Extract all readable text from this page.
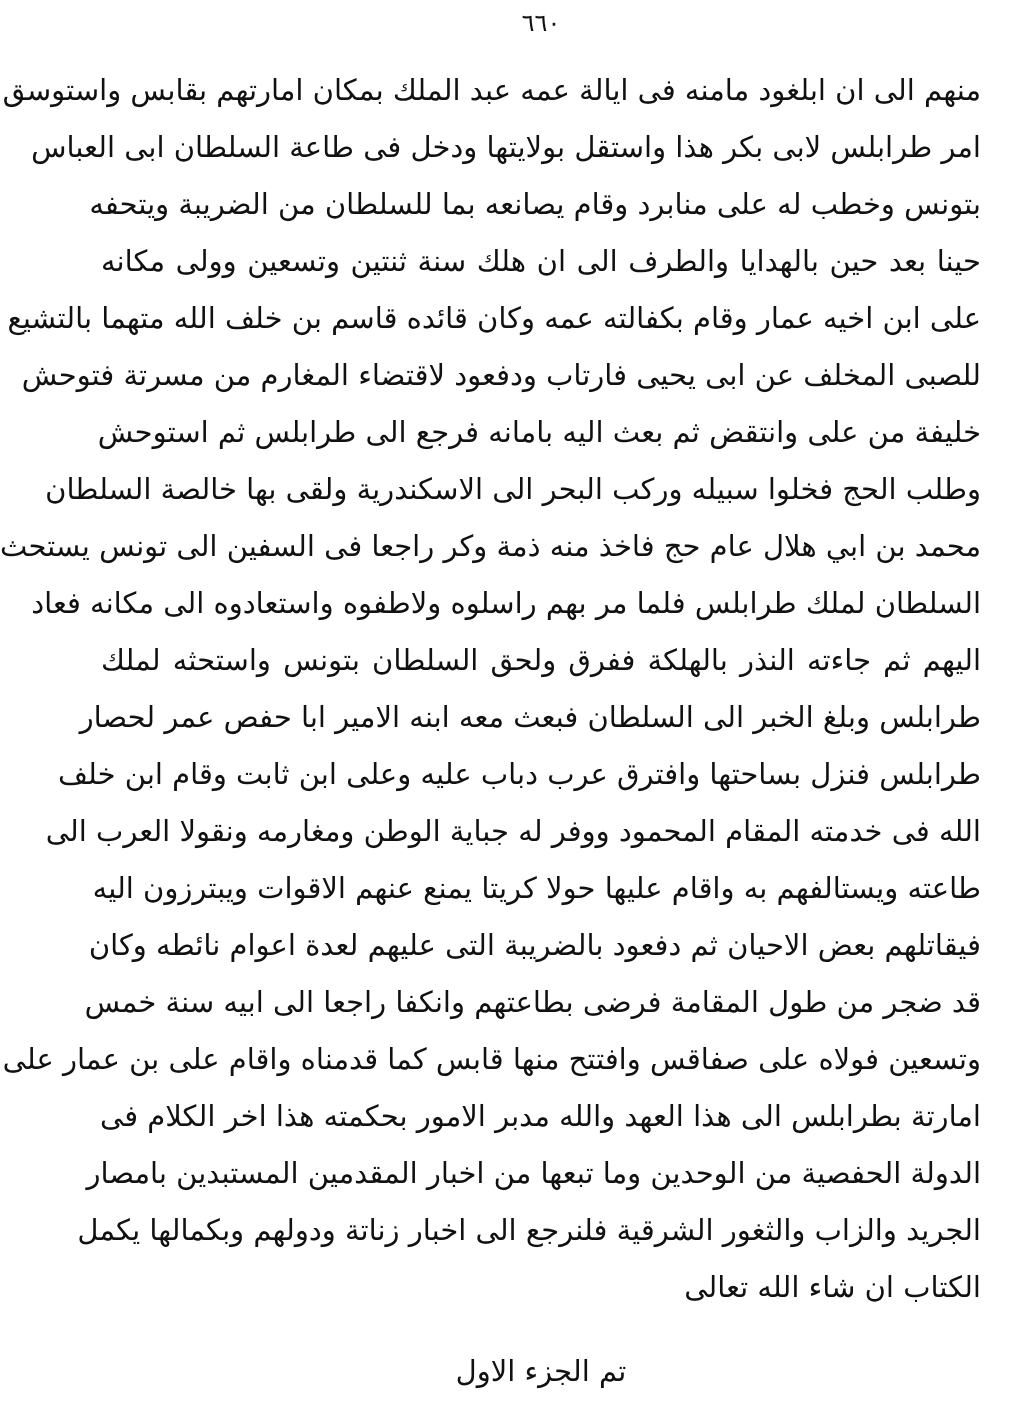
٦٦٠
منهم الى ان ابلغود مامنه فى ايالة عمه عبد الملك بمكان امارتهم بقابس واستوسق
امر طرابلس لابى بكر هذا واستقل بولايتها ودخل فى طاعة السلطان ابى العباس
بتونس وخطب له على منابرد وقام يصانعه بما للسلطان من الضريبة ويتحفه
حينا بعد حين بالهدايا والطرف الى ان هلك سنة ثنتين وتسعين وولى مكانه
على ابن اخيه عمار وقام بكفالته عمه وكان قائده قاسم بن خلف الله متهما بالتشيع
للصبى المخلف عن ابى يحيى فارتاب ودفعود لاقتضاء المغارم من مسرتة فتوحش
خليفة من على وانتقض ثم بعث اليه بامانه فرجع الى طرابلس ثم استوحش
وطلب الحج فخلوا سبيله وركب البحر الى الاسكندرية ولقى بها خالصة السلطان
محمد بن ابي هلال عام حج فاخذ منه ذمة وكر راجعا فى السفين الى تونس يستحث
السلطان لملك طرابلس فلما مر بهم راسلوه ولاطفوه واستعادوه الى مكانه فعاد
اليهم ثم جاءته النذر بالهلكة ففرق ولحق السلطان بتونس واستحثه لملك
طرابلس وبلغ الخبر الى السلطان فبعث معه ابنه الامير ابا حفص عمر لحصار
طرابلس فنزل بساحتها وافترق عرب دباب عليه وعلى ابن ثابت وقام ابن خلف
الله فى خدمته المقام المحمود ووفر له جباية الوطن ومغارمه ونقولا العرب الى
طاعته ويستالفهم به واقام عليها حولا كريتا يمنع عنهم الاقوات ويبترزون اليه
فيقاتلهم بعض الاحيان ثم دفعود بالضريبة التى عليهم لعدة اعوام نائطه وكان
قد ضجر من طول المقامة فرضى بطاعتهم وانكفا راجعا الى ابيه سنة خمس
وتسعين فولاه على صفاقس وافتتح منها قابس كما قدمناه واقام على بن عمار على
امارتة بطرابلس الى هذا العهد والله مدبر الامور بحكمته هذا اخر الكلام فى
الدولة الحفصية من الوحدين وما تبعها من اخبار المقدمين المستبدين بامصار
الجريد والزاب والثغور الشرقية فلنرجع الى اخبار زناتة ودولهم وبكمالها يكمل
الكتاب ان شاء الله تعالى
تم الجزء الاول
